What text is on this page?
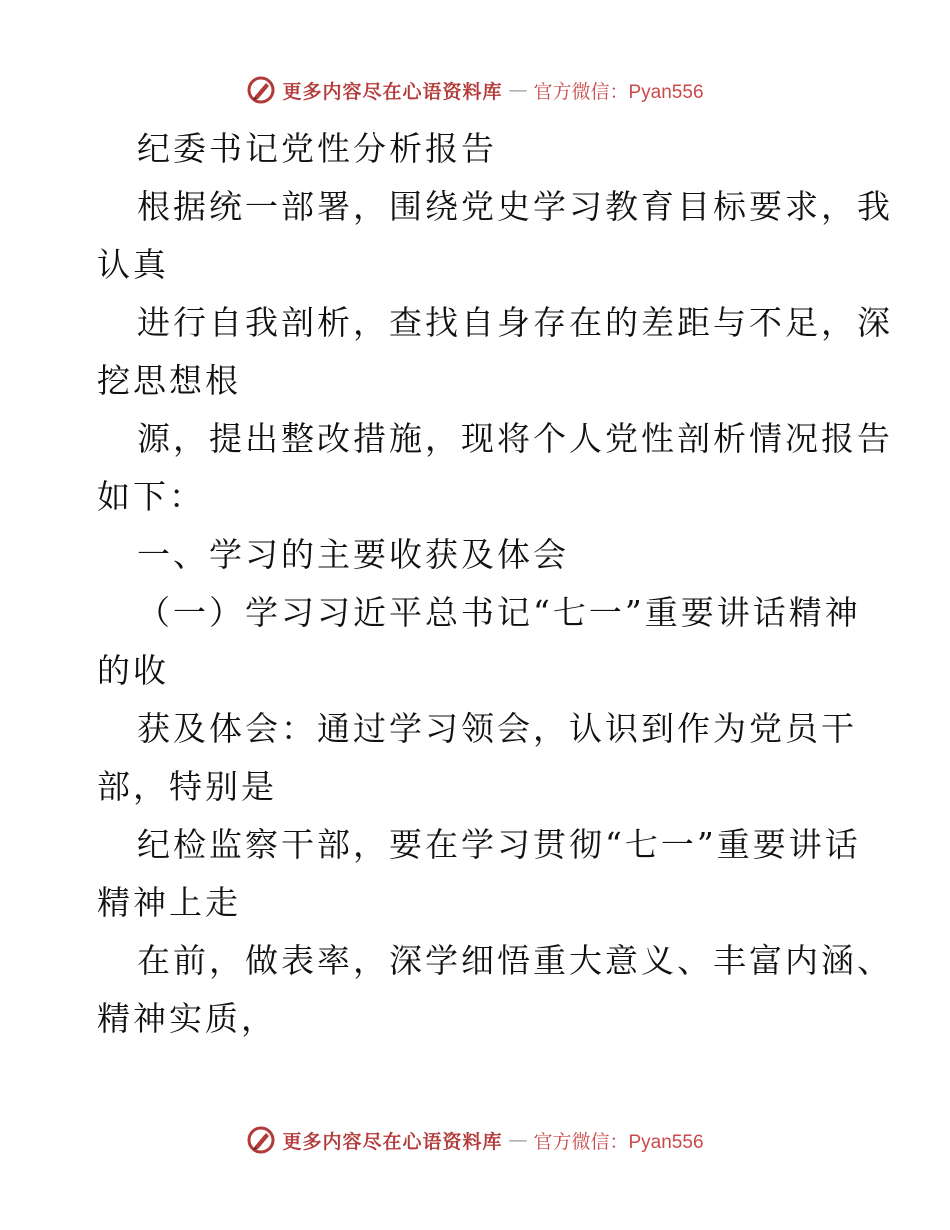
更多内容尽在心语资料库 — 官方微信：Pyan556
纪委书记党性分析报告
根据统一部署，围绕党史学习教育目标要求，我
认真
进行自我剖析，查找自身存在的差距与不足，深
挖思想根
源，提出整改措施，现将个人党性剖析情况报告
如下：
一、学习的主要收获及体会
（一）学习习近平总书记“七一”重要讲话精神
的收
获及体会：通过学习领会，认识到作为党员干
部，特别是
纪检监察干部，要在学习贯彻“七一”重要讲话
精神上走
在前，做表率，深学细悟重大意义、丰富内涵、
精神实质，
更多内容尽在心语资料库 — 官方微信：Pyan556
